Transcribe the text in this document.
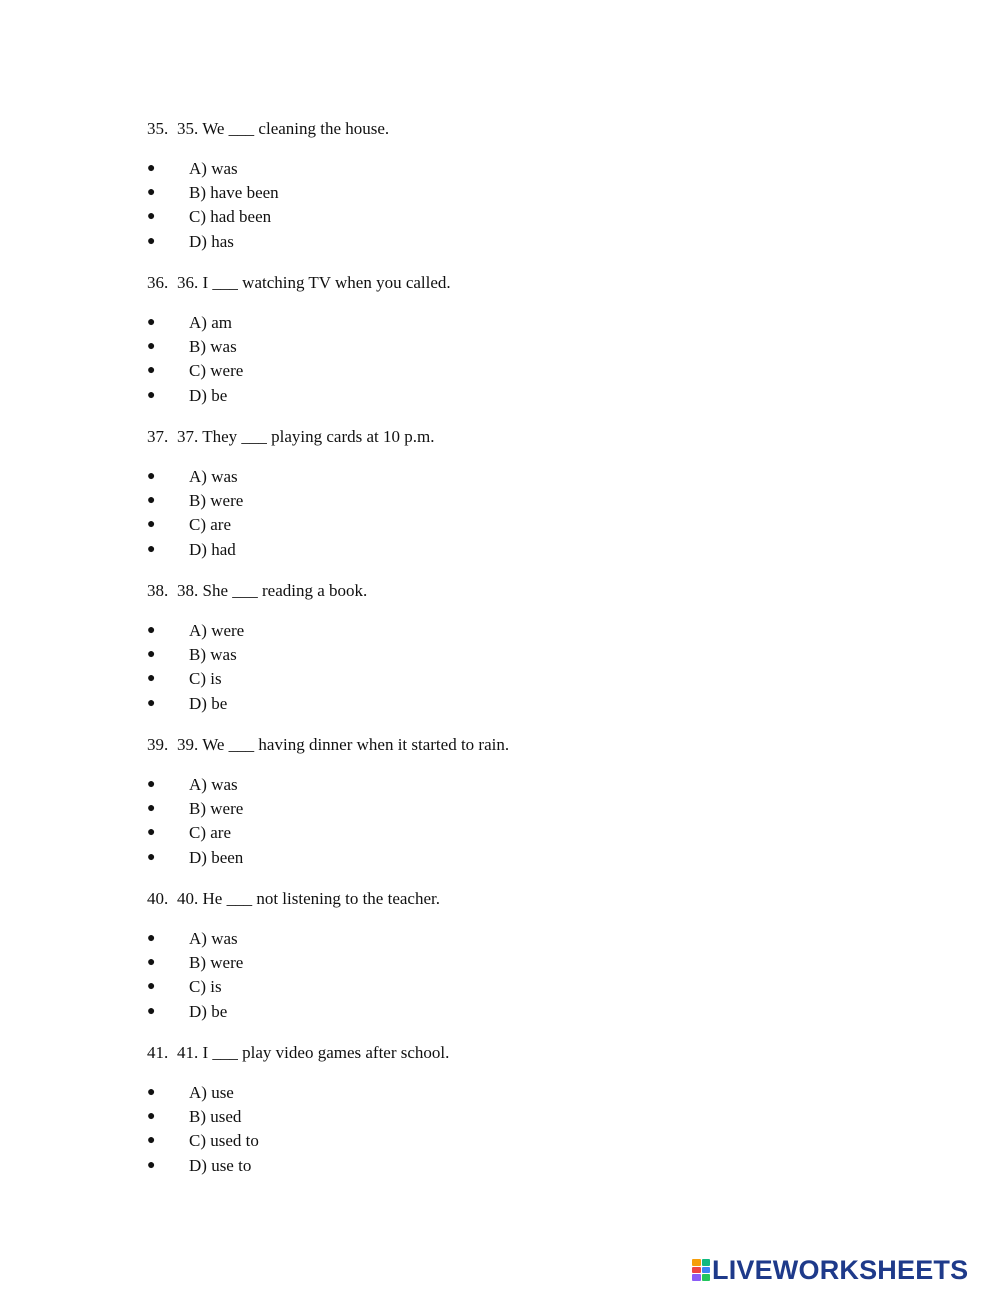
35. 35. We ___ cleaning the house.
● A) was
● B) have been
● C) had been
● D) has
36. 36. I ___ watching TV when you called.
● A) am
● B) was
● C) were
● D) be
37. 37. They ___ playing cards at 10 p.m.
● A) was
● B) were
● C) are
● D) had
38. 38. She ___ reading a book.
● A) were
● B) was
● C) is
● D) be
39. 39. We ___ having dinner when it started to rain.
● A) was
● B) were
● C) are
● D) been
40. 40. He ___ not listening to the teacher.
● A) was
● B) were
● C) is
● D) be
41. 41. I ___ play video games after school.
● A) use
● B) used
● C) used to
● D) use to
LIVEWORKSHEETS
